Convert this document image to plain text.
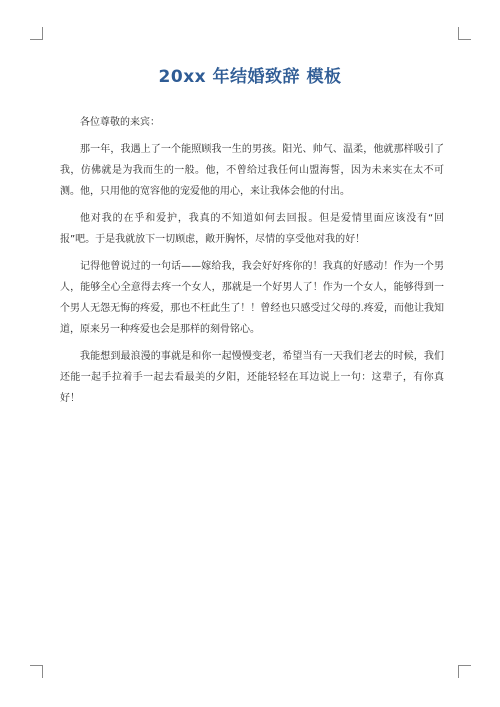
20xx 年结婚致辞 模板

各位尊敬的来宾：

那一年，我遇上了一个能照顾我一生的男孩。阳光、帅气、温柔，他就那样吸引了我，仿佛就是为我而生的一般。他，不曾给过我任何山盟海誓，因为未来实在太不可测。他，只用他的宽容他的宠爱他的用心，来让我体会他的付出。

他对我的在乎和爱护，我真的不知道如何去回报。但是爱情里面应该没有“回报”吧。于是我就放下一切顾虑，敞开胸怀，尽情的享受他对我的好！

记得他曾说过的一句话——嫁给我，我会好好疼你的！我真的好感动！作为一个男人，能够全心全意得去疼一个女人，那就是一个好男人了！作为一个女人，能够得到一个男人无怨无悔的疼爱，那也不枉此生了！！曾经也只感受过父母的.疼爱，而他让我知道，原来另一种疼爱也会是那样的刻骨铭心。

我能想到最浪漫的事就是和你一起慢慢变老，希望当有一天我们老去的时候，我们还能一起手拉着手一起去看最美的夕阳，还能轻轻在耳边说上一句：这辈子，有你真好！
